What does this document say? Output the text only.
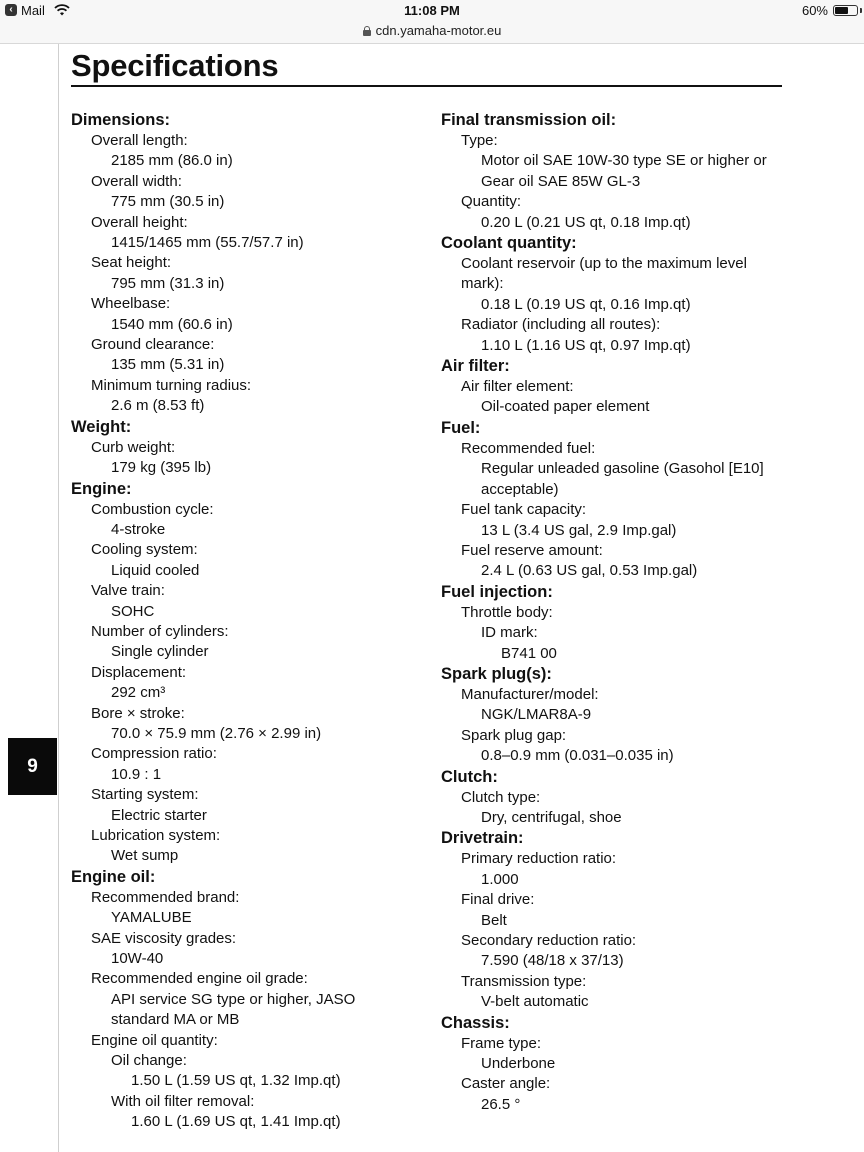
‹ Mail	11:08 PM	60%
cdn.yamaha-motor.eu
Specifications
Dimensions:
Overall length:
2185 mm (86.0 in)
Overall width:
775 mm (30.5 in)
Overall height:
1415/1465 mm (55.7/57.7 in)
Seat height:
795 mm (31.3 in)
Wheelbase:
1540 mm (60.6 in)
Ground clearance:
135 mm (5.31 in)
Minimum turning radius:
2.6 m (8.53 ft)
Weight:
Curb weight:
179 kg (395 lb)
Engine:
Combustion cycle:
4-stroke
Cooling system:
Liquid cooled
Valve train:
SOHC
Number of cylinders:
Single cylinder
Displacement:
292 cm³
Bore × stroke:
70.0 × 75.9 mm (2.76 × 2.99 in)
Compression ratio:
10.9 : 1
Starting system:
Electric starter
Lubrication system:
Wet sump
Engine oil:
Recommended brand:
YAMALUBE
SAE viscosity grades:
10W-40
Recommended engine oil grade:
API service SG type or higher, JASO
standard MA or MB
Engine oil quantity:
Oil change:
1.50 L (1.59 US qt, 1.32 Imp.qt)
With oil filter removal:
1.60 L (1.69 US qt, 1.41 Imp.qt)
Final transmission oil:
Type:
Motor oil SAE 10W-30 type SE or higher or
Gear oil SAE 85W GL-3
Quantity:
0.20 L (0.21 US qt, 0.18 Imp.qt)
Coolant quantity:
Coolant reservoir (up to the maximum level
mark):
0.18 L (0.19 US qt, 0.16 Imp.qt)
Radiator (including all routes):
1.10 L (1.16 US qt, 0.97 Imp.qt)
Air filter:
Air filter element:
Oil-coated paper element
Fuel:
Recommended fuel:
Regular unleaded gasoline (Gasohol [E10]
acceptable)
Fuel tank capacity:
13 L (3.4 US gal, 2.9 Imp.gal)
Fuel reserve amount:
2.4 L (0.63 US gal, 0.53 Imp.gal)
Fuel injection:
Throttle body:
ID mark:
B741 00
Spark plug(s):
Manufacturer/model:
NGK/LMAR8A-9
Spark plug gap:
0.8–0.9 mm (0.031–0.035 in)
Clutch:
Clutch type:
Dry, centrifugal, shoe
Drivetrain:
Primary reduction ratio:
1.000
Final drive:
Belt
Secondary reduction ratio:
7.590 (48/18 x 37/13)
Transmission type:
V-belt automatic
Chassis:
Frame type:
Underbone
Caster angle:
26.5 °
9
